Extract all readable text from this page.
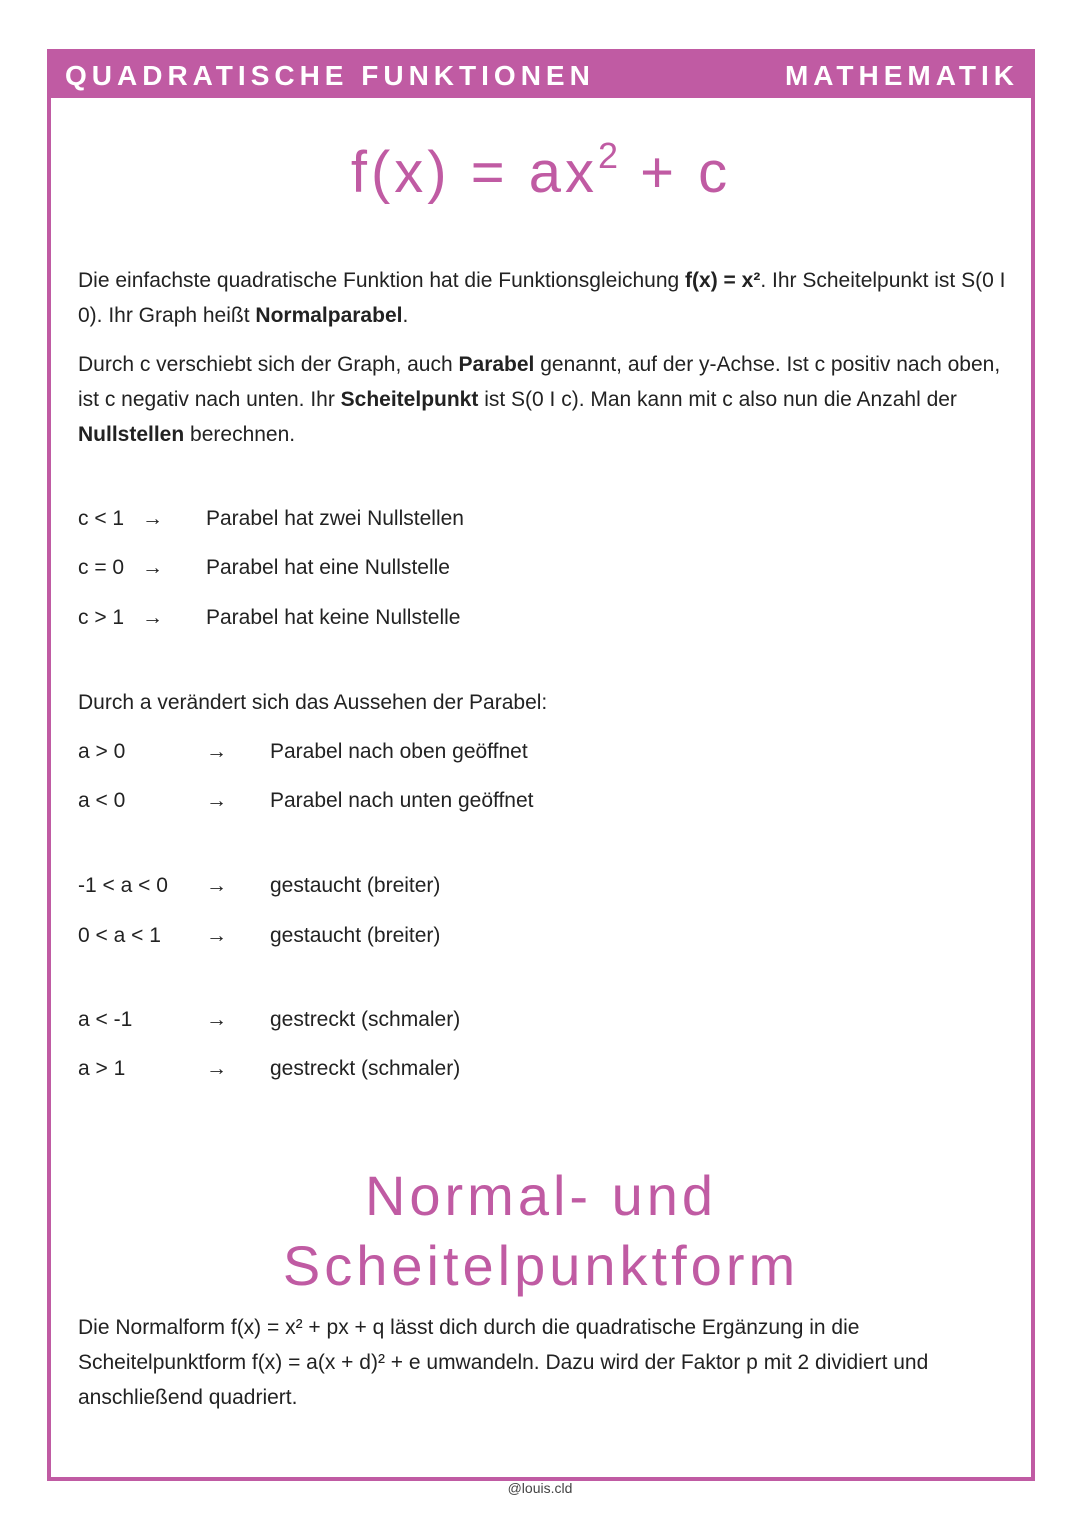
QUADRATISCHE FUNKTIONEN	MATHEMATIK
$f(x) = ax^2 + c$
Die einfachste quadratische Funktion hat die Funktionsgleichung f(x) = x². Ihr Scheitelpunkt ist S(0 I 0). Ihr Graph heißt Normalparabel.
Durch c verschiebt sich der Graph, auch Parabel genannt, auf der y-Achse. Ist c positiv nach oben, ist c negativ nach unten. Ihr Scheitelpunkt ist S(0 I c). Man kann mit c also nun die Anzahl der Nullstellen berechnen.
c < 1 → Parabel hat zwei Nullstellen
c = 0 → Parabel hat eine Nullstelle
c > 1 → Parabel hat keine Nullstelle
Durch a verändert sich das Aussehen der Parabel:
a > 0	→ Parabel nach oben geöffnet
a < 0	→ Parabel nach unten geöffnet
-1 < a < 0 → gestaucht (breiter)
0 < a < 1 → gestaucht (breiter)
a < -1	→ gestreckt (schmaler)
a > 1	→ gestreckt (schmaler)
Normal- und
Scheitelpunktform
Die Normalform f(x) = x² + px + q lässt dich durch die quadratische Ergänzung in die Scheitelpunktform f(x) = a(x + d)² + e umwandeln. Dazu wird der Faktor p mit 2 dividiert und anschließend quadriert.
@louis.cld
